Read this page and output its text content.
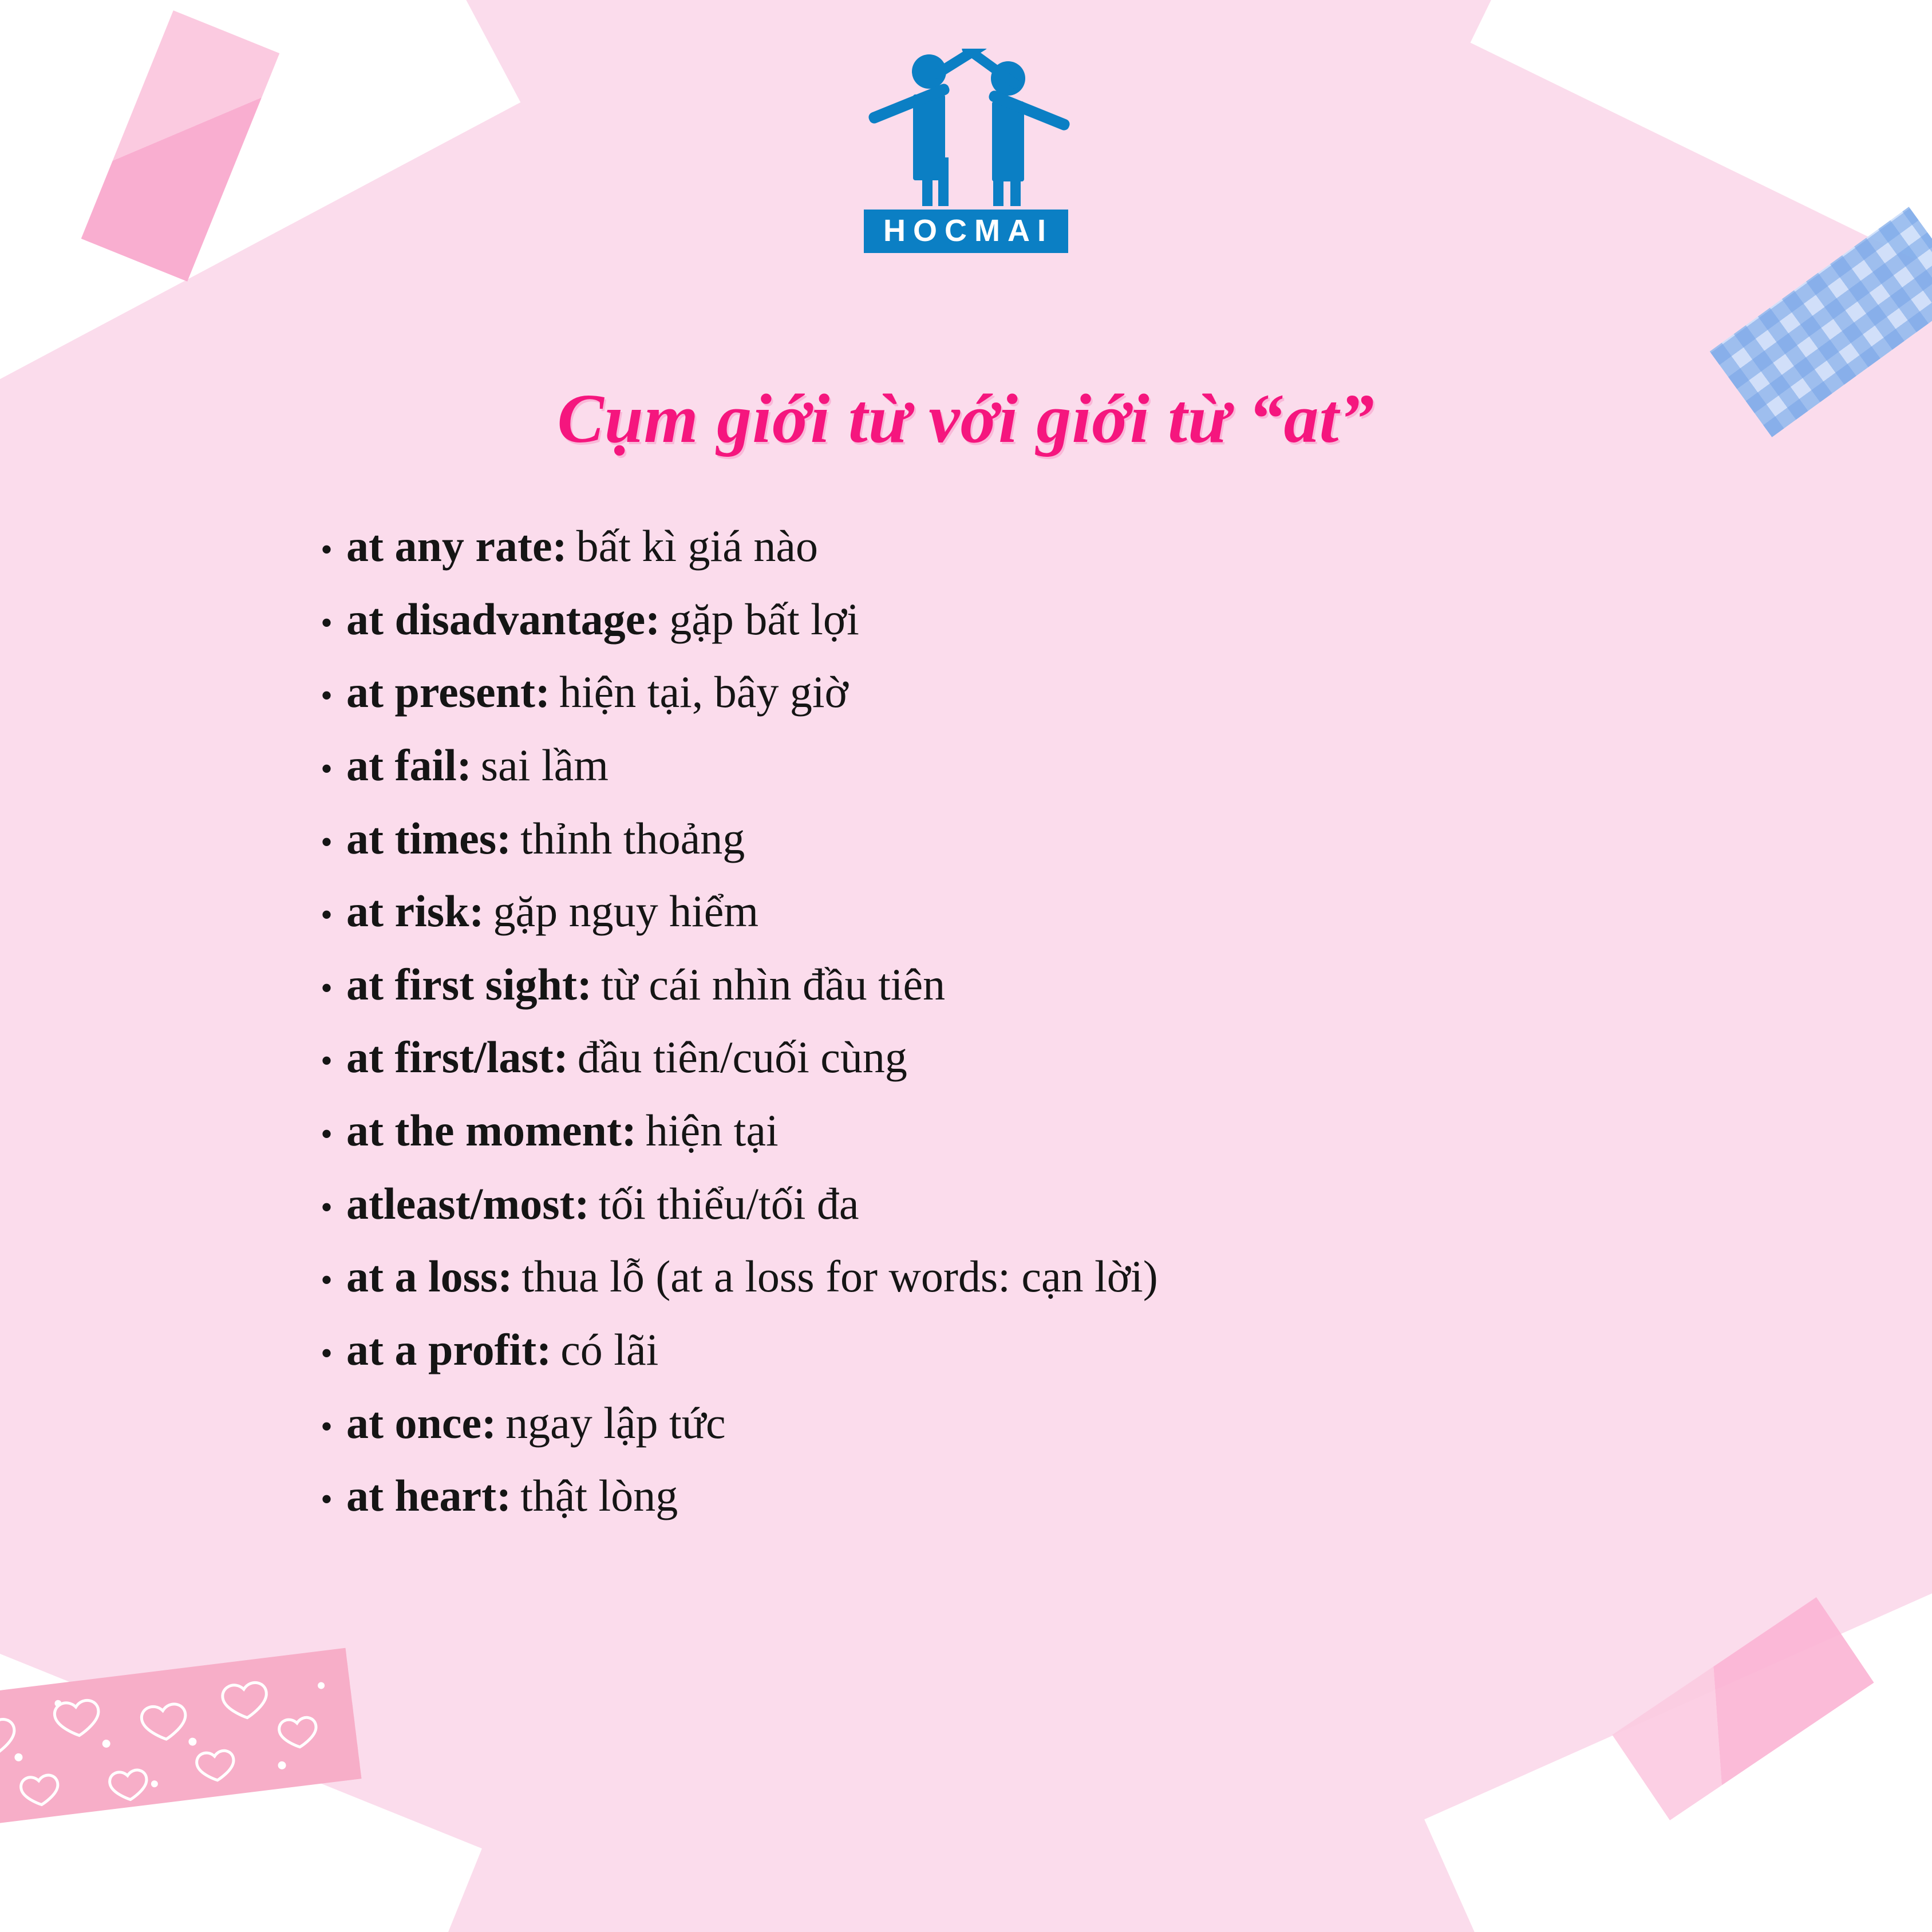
HOCMAI
Cụm giới từ với giới từ “at”
• at any rate : bất kì giá nào
• at disadvantage : gặp bất lợi
• at present : hiện tại, bây giờ
• at fail : sai lầm
• at times : thỉnh thoảng
• at risk : gặp nguy hiểm
• at first sight : từ cái nhìn đầu tiên
• at first/last : đầu tiên/cuối cùng
• at the moment : hiện tại
• atleast/most : tối thiểu/tối đa
• at a loss : thua lỗ (at a loss for words: cạn lời)
• at a profit : có lãi
• at once : ngay lập tức
• at heart : thật lòng
